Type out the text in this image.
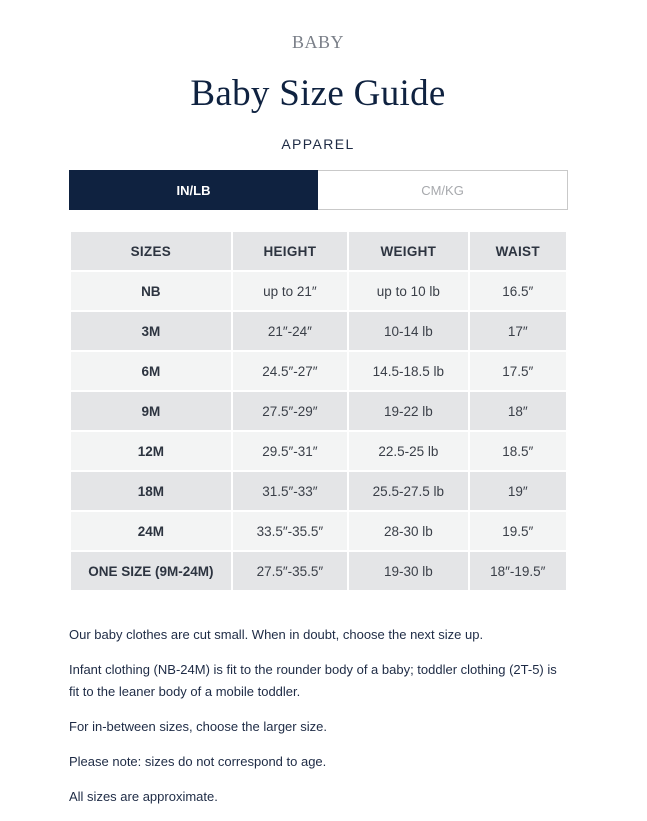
BABY
Baby Size Guide
APPAREL
IN/LB	CM/KG
SIZES	HEIGHT	WEIGHT	WAIST
NB	up to 21″	up to 10 lb	16.5″
3M	21″-24″	10-14 lb	17″
6M	24.5″-27″	14.5-18.5 lb	17.5″
9M	27.5″-29″	19-22 lb	18″
12M	29.5″-31″	22.5-25 lb	18.5″
18M	31.5″-33″	25.5-27.5 lb	19″
24M	33.5″-35.5″	28-30 lb	19.5″
ONE SIZE (9M-24M)	27.5″-35.5″	19-30 lb	18″-19.5″

Our baby clothes are cut small. When in doubt, choose the next size up.

Infant clothing (NB-24M) is fit to the rounder body of a baby; toddler clothing (2T-5) is fit to the leaner body of a mobile toddler.

For in-between sizes, choose the larger size.

Please note: sizes do not correspond to age.

All sizes are approximate.
